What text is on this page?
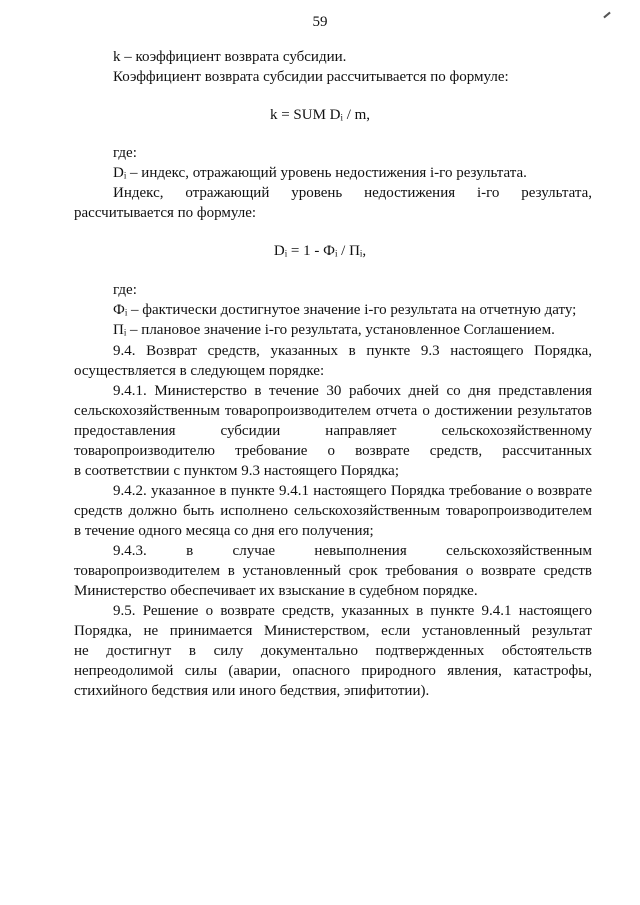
59
k – коэффициент возврата субсидии.
Коэффициент возврата субсидии рассчитывается по формуле:
k = SUM Dᵢ / m,
где:
Dᵢ – индекс, отражающий уровень недостижения i-го результата.
Индекс, отражающий уровень недостижения i-го результата,
рассчитывается по формуле:
Dᵢ = 1 - Фᵢ / Пᵢ,
где:
Фᵢ – фактически достигнутое значение i-го результата на отчетную дату;
Пᵢ – плановое значение i-го результата, установленное Соглашением.
9.4. Возврат средств, указанных в пункте 9.3 настоящего Порядка,
осуществляется в следующем порядке:
9.4.1. Министерство в течение 30 рабочих дней со дня представления
сельскохозяйственным товаропроизводителем отчета о достижении результатов
предоставления субсидии направляет сельскохозяйственному
товаропроизводителю требование о возврате средств, рассчитанных
в соответствии с пунктом 9.3 настоящего Порядка;
9.4.2. указанное в пункте 9.4.1 настоящего Порядка требование о возврате
средств должно быть исполнено сельскохозяйственным товаропроизводителем
в течение одного месяца со дня его получения;
9.4.3. в случае невыполнения сельскохозяйственным
товаропроизводителем в установленный срок требования о возврате средств
Министерство обеспечивает их взыскание в судебном порядке.
9.5. Решение о возврате средств, указанных в пункте 9.4.1 настоящего
Порядка, не принимается Министерством, если установленный результат
не достигнут в силу документально подтвержденных обстоятельств
непреодолимой силы (аварии, опасного природного явления, катастрофы,
стихийного бедствия или иного бедствия, эпифитотии).
